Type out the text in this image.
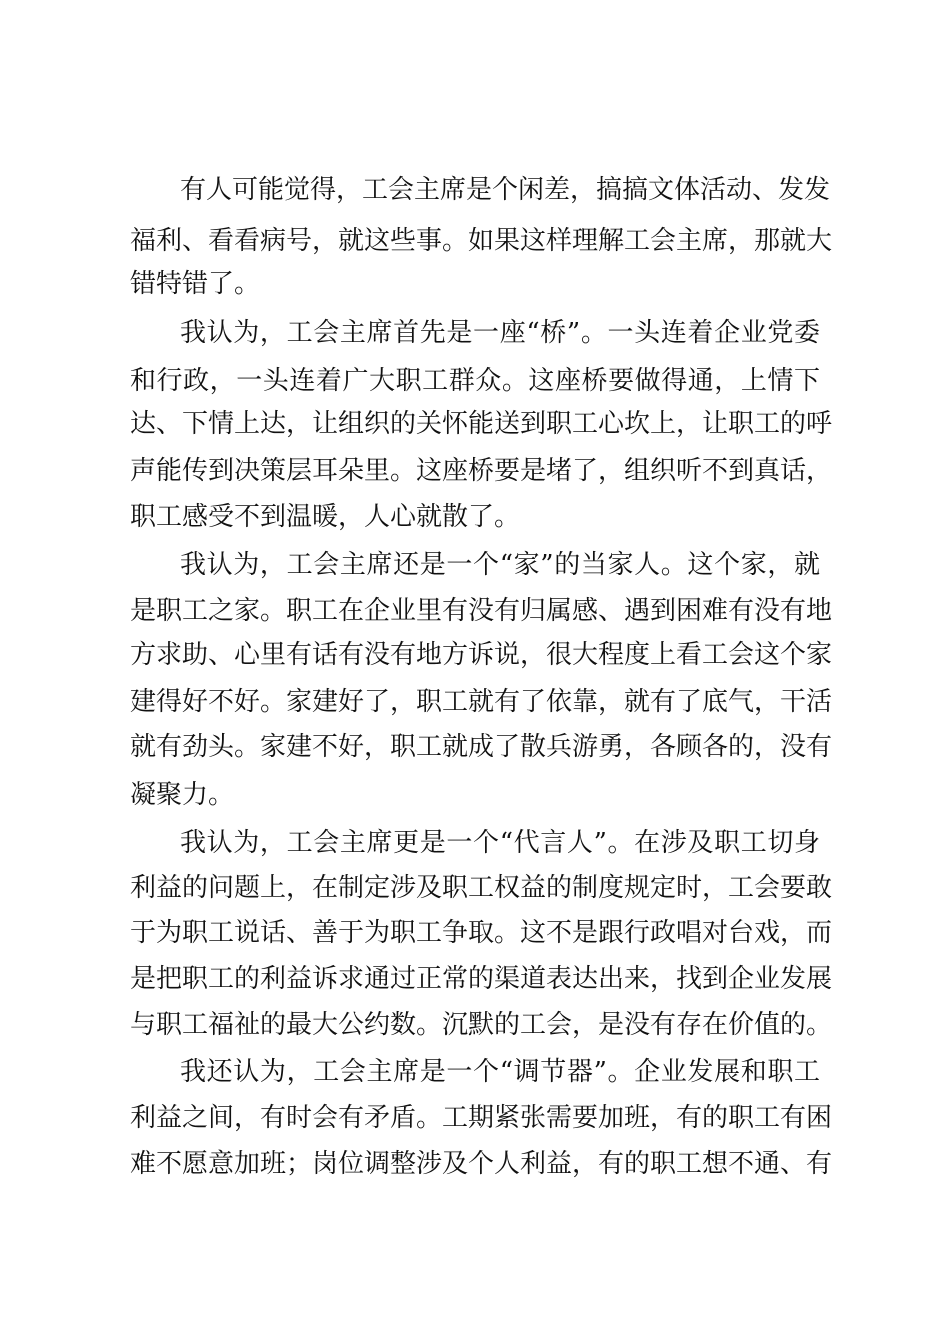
有人可能觉得，工会主席是个闲差，搞搞文体活动、发发
福利、看看病号，就这些事。如果这样理解工会主席，那就大
错特错了。
我认为，工会主席首先是一座“桥”。一头连着企业党委
和行政，一头连着广大职工群众。这座桥要做得通，上情下
达、下情上达，让组织的关怀能送到职工心坎上，让职工的呼
声能传到决策层耳朵里。这座桥要是堵了，组织听不到真话，
职工感受不到温暖，人心就散了。
我认为，工会主席还是一个“家”的当家人。这个家，就
是职工之家。职工在企业里有没有归属感、遇到困难有没有地
方求助、心里有话有没有地方诉说，很大程度上看工会这个家
建得好不好。家建好了，职工就有了依靠，就有了底气，干活
就有劲头。家建不好，职工就成了散兵游勇，各顾各的，没有
凝聚力。
我认为，工会主席更是一个“代言人”。在涉及职工切身
利益的问题上，在制定涉及职工权益的制度规定时，工会要敢
于为职工说话、善于为职工争取。这不是跟行政唱对台戏，而
是把职工的利益诉求通过正常的渠道表达出来，找到企业发展
与职工福祉的最大公约数。沉默的工会，是没有存在价值的。
我还认为，工会主席是一个“调节器”。企业发展和职工
利益之间，有时会有矛盾。工期紧张需要加班，有的职工有困
难不愿意加班；岗位调整涉及个人利益，有的职工想不通、有
